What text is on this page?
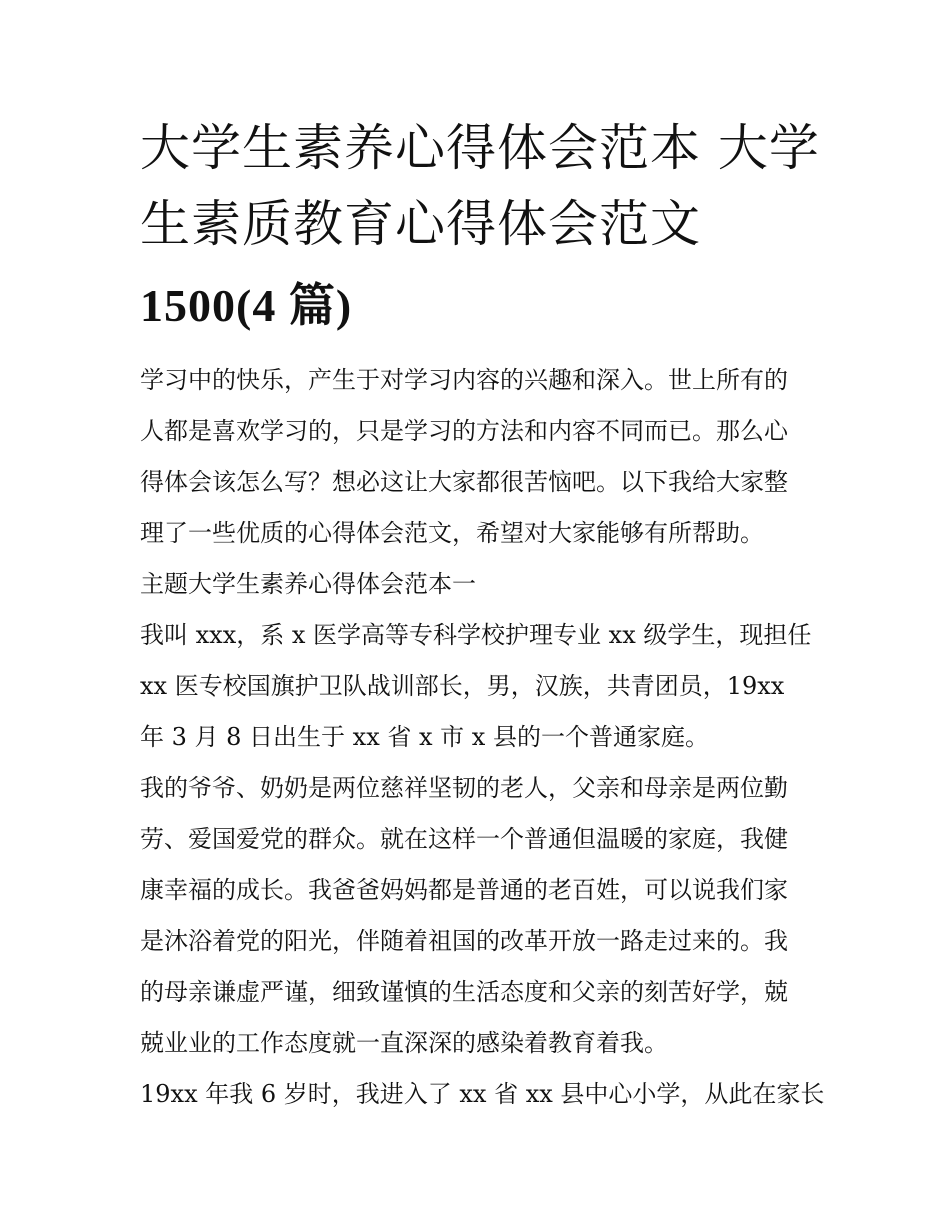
大学生素养心得体会范本 大学
生素质教育心得体会范文
1500(4 篇)
学习中的快乐，产生于对学习内容的兴趣和深入。世上所有的
人都是喜欢学习的，只是学习的方法和内容不同而已。那么心
得体会该怎么写？想必这让大家都很苦恼吧。以下我给大家整
理了一些优质的心得体会范文，希望对大家能够有所帮助。
主题大学生素养心得体会范本一
我叫 xxx，系 x 医学高等专科学校护理专业 xx 级学生，现担任
xx 医专校国旗护卫队战训部长，男，汉族，共青团员，19xx
年 3 月 8 日出生于 xx 省 x 市 x 县的一个普通家庭。
我的爷爷、奶奶是两位慈祥坚韧的老人，父亲和母亲是两位勤
劳、爱国爱党的群众。就在这样一个普通但温暖的家庭，我健
康幸福的成长。我爸爸妈妈都是普通的老百姓，可以说我们家
是沐浴着党的阳光，伴随着祖国的改革开放一路走过来的。我
的母亲谦虚严谨，细致谨慎的生活态度和父亲的刻苦好学，兢
兢业业的工作态度就一直深深的感染着教育着我。
19xx 年我 6 岁时，我进入了 xx 省 xx 县中心小学，从此在家长
